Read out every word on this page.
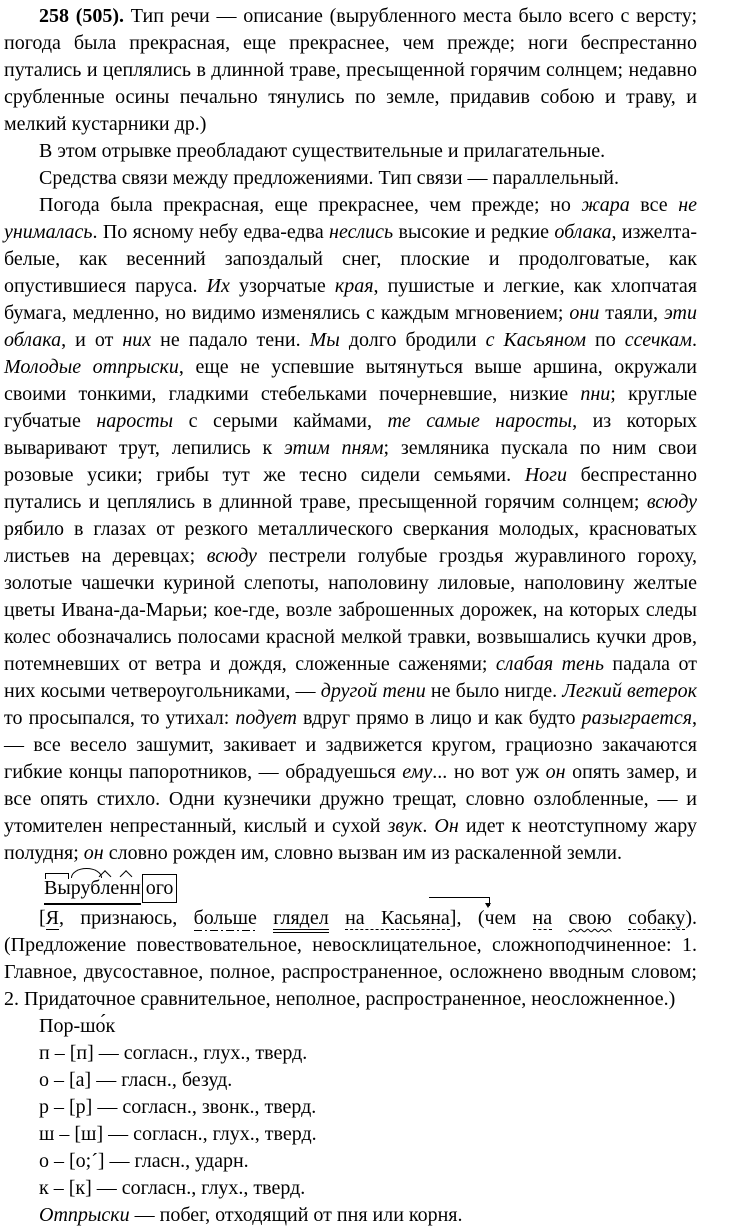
258 (505). Тип речи — описание (вырубленного места было всего с версту; погода была прекрасная, еще прекраснее, чем прежде; ноги беспрестанно путались и цеплялись в длинной траве, пресыщенной горячим солнцем; недавно срубленные осины печально тянулись по земле, придавив собою и траву, и мелкий кустарники др.)

В этом отрывке преобладают существительные и прилагательные.

Средства связи между предложениями. Тип связи — параллельный.

Погода была прекрасная, еще прекраснее, чем прежде; но жара все не унималась. По ясному небу едва-едва неслись высокие и редкие облака, изжелта-белые, как весенний запоздалый снег, плоские и продолговатые, как опустившиеся паруса. Их узорчатые края, пушистые и легкие, как хлопчатая бумага, медленно, но видимо изменялись с каждым мгновением; они таяли, эти облака, и от них не падало тени. Мы долго бродили с Касьяном по ссечкам. Молодые отпрыски, еще не успевшие вытянуться выше аршина, окружали своими тонкими, гладкими стебельками почерневшие, низкие пни; круглые губчатые наросты с серыми каймами, те самые наросты, из которых вываривают трут, лепились к этим пням; земляника пускала по ним свои розовые усики; грибы тут же тесно сидели семьями. Ноги беспрестанно путались и цеплялись в длинной траве, пресыщенной горячим солнцем; всюду рябило в глазах от резкого металлического сверкания молодых, красноватых листьев на деревцах; всюду пестрели голубые гроздья журавлиного гороху, золотые чашечки куриной слепоты, наполовину лиловые, наполовину желтые цветы Ивана-да-Марьи; кое-где, возле заброшенных дорожек, на которых следы колес обозначались полосами красной мелкой травки, возвышались кучки дров, потемневших от ветра и дождя, сложенные саженями; слабая тень падала от них косыми четвероугольниками, — другой тени не было нигде. Легкий ветерок то просыпался, то утихал: подует вдруг прямо в лицо и как будто разыграется, — все весело зашумит, закивает и задвижется кругом, грациозно закачаются гибкие концы папоротников, — обрадуешься ему... но вот уж он опять замер, и все опять стихло. Одни кузнечики дружно трещат, словно озлобленные, — и утомителен непрестанный, кислый и сухой звук. Он идет к неотступному жару полудня; он словно рожден им, словно вызван им из раскаленной земли.

Вырубленн ого

[Я, признаюсь, больше глядел на Касьяна], (чем на свою собаку). (Предложение повествовательное, невосклицательное, сложноподчиненное: 1. Главное, двусоставное, полное, распространенное, осложнено вводным словом; 2. Придаточное сравнительное, неполное, распространенное, неосложненное.)

Пор-шо́к

п – [п] — согласн., глух., тверд.

о – [а] — гласн., безуд.

р – [р] — согласн., звонк., тверд.

ш – [ш] — согласн., глух., тверд.

о – [о;´] — гласн., ударн.

к – [к] — согласн., глух., тверд.

Отпрыски — побег, отходящий от пня или корня.
